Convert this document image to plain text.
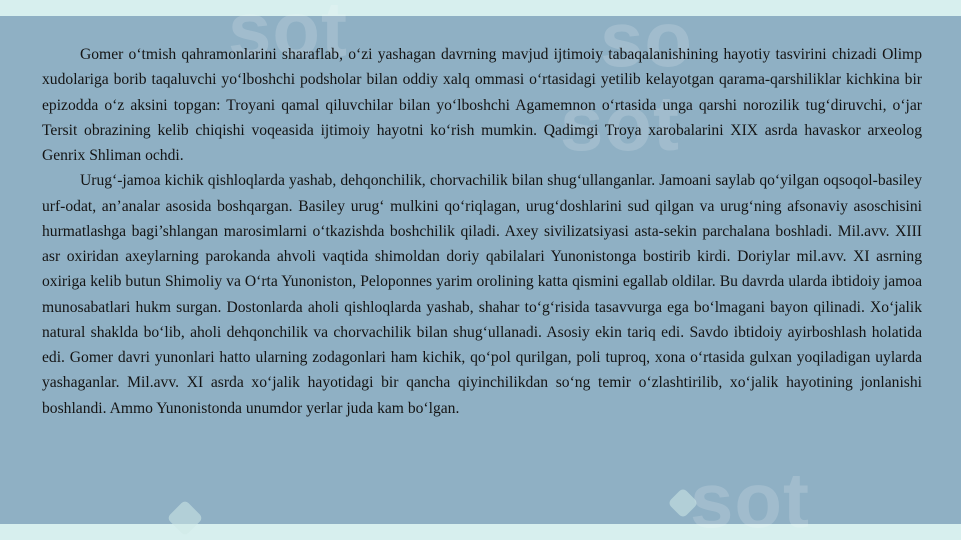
sot	so
sot
sot

Gomer o‘tmish qahramonlarini sharaflab, o‘zi yashagan davrning mavjud ijtimoiy tabaqalanishining hayotiy tasvirini chizadi Olimp xudolariga borib taqaluvchi yo‘lboshchi podsholar bilan oddiy xalq ommasi o‘rtasidagi yetilib kelayotgan qarama-qarshiliklar kichkina bir epizodda o‘z aksini topgan: Troyani qamal qiluvchilar bilan yo‘lboshchi Agamemnon o‘rtasida unga qarshi norozilik tug‘diruvchi, o‘jar Tersit obrazining kelib chiqishi voqeasida ijtimoiy hayotni ko‘rish mumkin. Qadimgi Troya xarobalarini XIX asrda havaskor arxeolog Genrix Shliman ochdi.

Urug‘-jamoa kichik qishloqlarda yashab, dehqonchilik, chorvachilik bilan shug‘ullanganlar. Jamoani saylab qo‘yilgan oqsoqol-basiley urf-odat, an’analar asosida boshqargan. Basiley urug‘ mulkini qo‘riqlagan, urug‘doshlarini sud qilgan va urug‘ning afsonaviy asoschisini hurmatlashga bagi’shlangan marosimlarni o‘tkazishda boshchilik qiladi. Axey sivilizatsiyasi asta-sekin parchalana boshladi. Mil.avv. XIII asr oxiridan axeylarning parokanda ahvoli vaqtida shimoldan doriy qabilalari Yunonistonga bostirib kirdi. Doriylar mil.avv. XI asrning oxiriga kelib butun Shimoliy va O‘rta Yunoniston, Peloponnes yarim orolining katta qismini egallab oldilar. Bu davrda ularda ibtidoiy jamoa munosabatlari hukm surgan. Dostonlarda aholi qishloqlarda yashab, shahar to‘g‘risida tasavvurga ega bo‘lmagani bayon qilinadi. Xo‘jalik natural shaklda bo‘lib, aholi dehqonchilik va chorvachilik bilan shug‘ullanadi. Asosiy ekin tariq edi. Savdo ibtidoiy ayirboshlash holatida edi. Gomer davri yunonlari hatto ularning zodagonlari ham kichik, qo‘pol qurilgan, poli tuproq, xona o‘rtasida gulxan yoqiladigan uylarda yashaganlar. Mil.avv. XI asrda xo‘jalik hayotidagi bir qancha qiyinchilikdan so‘ng temir o‘zlashtirilib, xo‘jalik hayotining jonlanishi boshlandi. Ammo Yunonistonda unumdor yerlar juda kam bo‘lgan.
